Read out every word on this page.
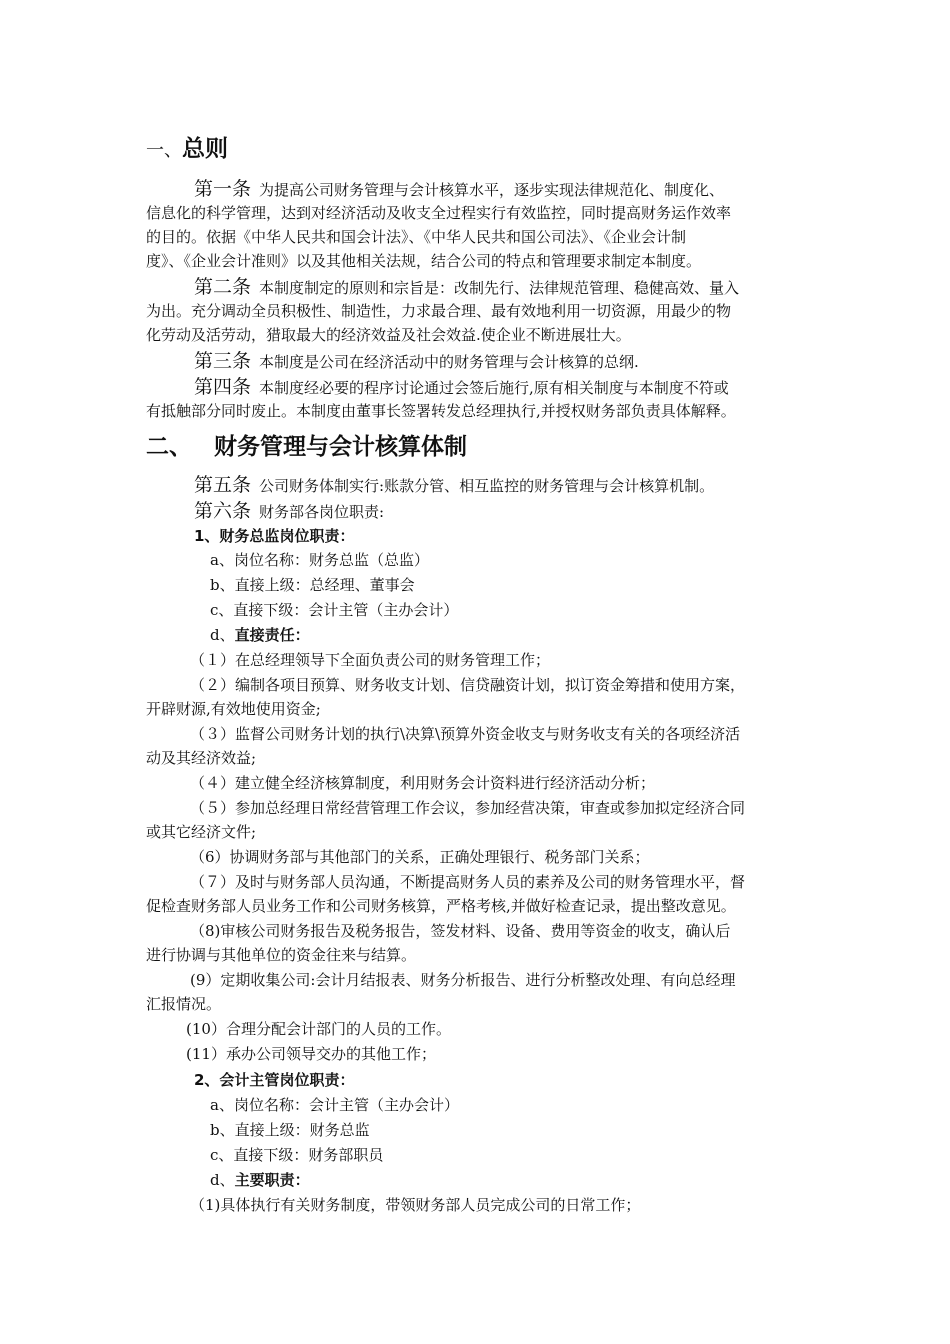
一、总则
第一条 为提高公司财务管理与会计核算水平，逐步实现法律规范化、制度化、
信息化的科学管理，达到对经济活动及收支全过程实行有效监控，同时提高财务运作效率
的目的。依据《中华人民共和国会计法》、《中华人民共和国公司法》、《企业会计制
度》、《企业会计准则》以及其他相关法规，结合公司的特点和管理要求制定本制度。
第二条 本制度制定的原则和宗旨是：改制先行、法律规范管理、稳健高效、量入
为出。充分调动全员积极性、制造性，力求最合理、最有效地利用一切资源，用最少的物
化劳动及活劳动，猎取最大的经济效益及社会效益.使企业不断进展壮大。
第三条 本制度是公司在经济活动中的财务管理与会计核算的总纲.
第四条 本制度经必要的程序讨论通过会签后施行,原有相关制度与本制度不符或
有抵触部分同时废止。本制度由董事长签署转发总经理执行,并授权财务部负责具体解释。
二、 财务管理与会计核算体制
第五条 公司财务体制实行:账款分管、相互监控的财务管理与会计核算机制。
第六条 财务部各岗位职责:
1、财务总监岗位职责：
a、岗位名称：财务总监（总监）
b、直接上级：总经理、董事会
c、直接下级：会计主管（主办会计）
d、直接责任：
（１）在总经理领导下全面负责公司的财务管理工作；
（２）编制各项目预算、财务收支计划、信贷融资计划，拟订资金筹措和使用方案，
开辟财源,有效地使用资金;
（３）监督公司财务计划的执行\决算\预算外资金收支与财务收支有关的各项经济活
动及其经济效益;
（４）建立健全经济核算制度，利用财务会计资料进行经济活动分析；
（５）参加总经理日常经营管理工作会议，参加经营决策，审查或参加拟定经济合同
或其它经济文件;
（6）协调财务部与其他部门的关系，正确处理银行、税务部门关系；
（７）及时与财务部人员沟通，不断提高财务人员的素养及公司的财务管理水平，督
促检查财务部人员业务工作和公司财务核算，严格考核,并做好检查记录，提出整改意见。
（8)审核公司财务报告及税务报告，签发材料、设备、费用等资金的收支，确认后
进行协调与其他单位的资金往来与结算。
(9）定期收集公司:会计月结报表、财务分析报告、进行分析整改处理、有向总经理
汇报情况。
(10）合理分配会计部门的人员的工作。
(11）承办公司领导交办的其他工作；
2、会计主管岗位职责：
a、岗位名称：会计主管（主办会计）
b、直接上级：财务总监
c、直接下级：财务部职员
d、主要职责：
（1)具体执行有关财务制度，带领财务部人员完成公司的日常工作；
